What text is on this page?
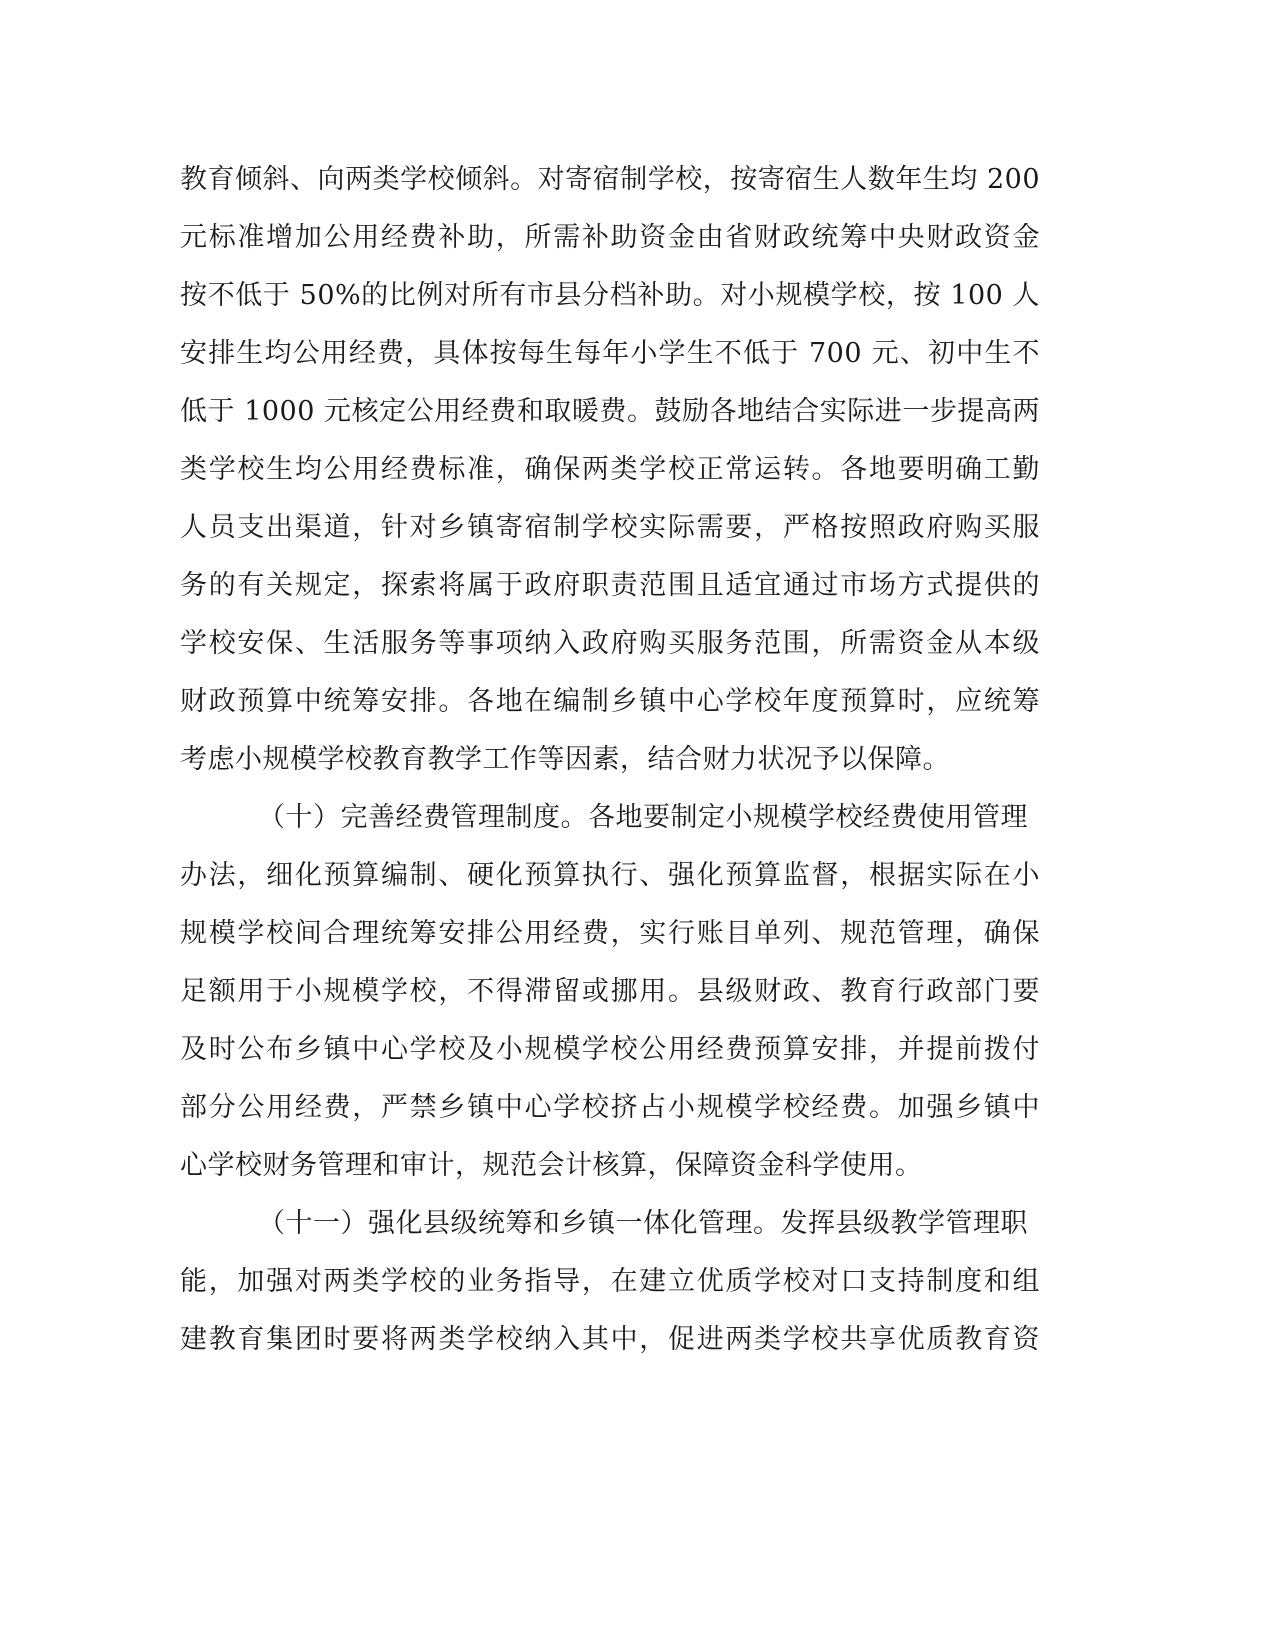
教育倾斜、向两类学校倾斜。对寄宿制学校，按寄宿生人数年生均 200
元标准增加公用经费补助，所需补助资金由省财政统筹中央财政资金
按不低于 50%的比例对所有市县分档补助。对小规模学校，按 100 人
安排生均公用经费，具体按每生每年小学生不低于 700 元、初中生不
低于 1000 元核定公用经费和取暖费。鼓励各地结合实际进一步提高两
类学校生均公用经费标准，确保两类学校正常运转。各地要明确工勤
人员支出渠道，针对乡镇寄宿制学校实际需要，严格按照政府购买服
务的有关规定，探索将属于政府职责范围且适宜通过市场方式提供的
学校安保、生活服务等事项纳入政府购买服务范围，所需资金从本级
财政预算中统筹安排。各地在编制乡镇中心学校年度预算时，应统筹
考虑小规模学校教育教学工作等因素，结合财力状况予以保障。
（十）完善经费管理制度。各地要制定小规模学校经费使用管理
办法，细化预算编制、硬化预算执行、强化预算监督，根据实际在小
规模学校间合理统筹安排公用经费，实行账目单列、规范管理，确保
足额用于小规模学校，不得滞留或挪用。县级财政、教育行政部门要
及时公布乡镇中心学校及小规模学校公用经费预算安排，并提前拨付
部分公用经费，严禁乡镇中心学校挤占小规模学校经费。加强乡镇中
心学校财务管理和审计，规范会计核算，保障资金科学使用。
（十一）强化县级统筹和乡镇一体化管理。发挥县级教学管理职
能，加强对两类学校的业务指导，在建立优质学校对口支持制度和组
建教育集团时要将两类学校纳入其中，促进两类学校共享优质教育资
